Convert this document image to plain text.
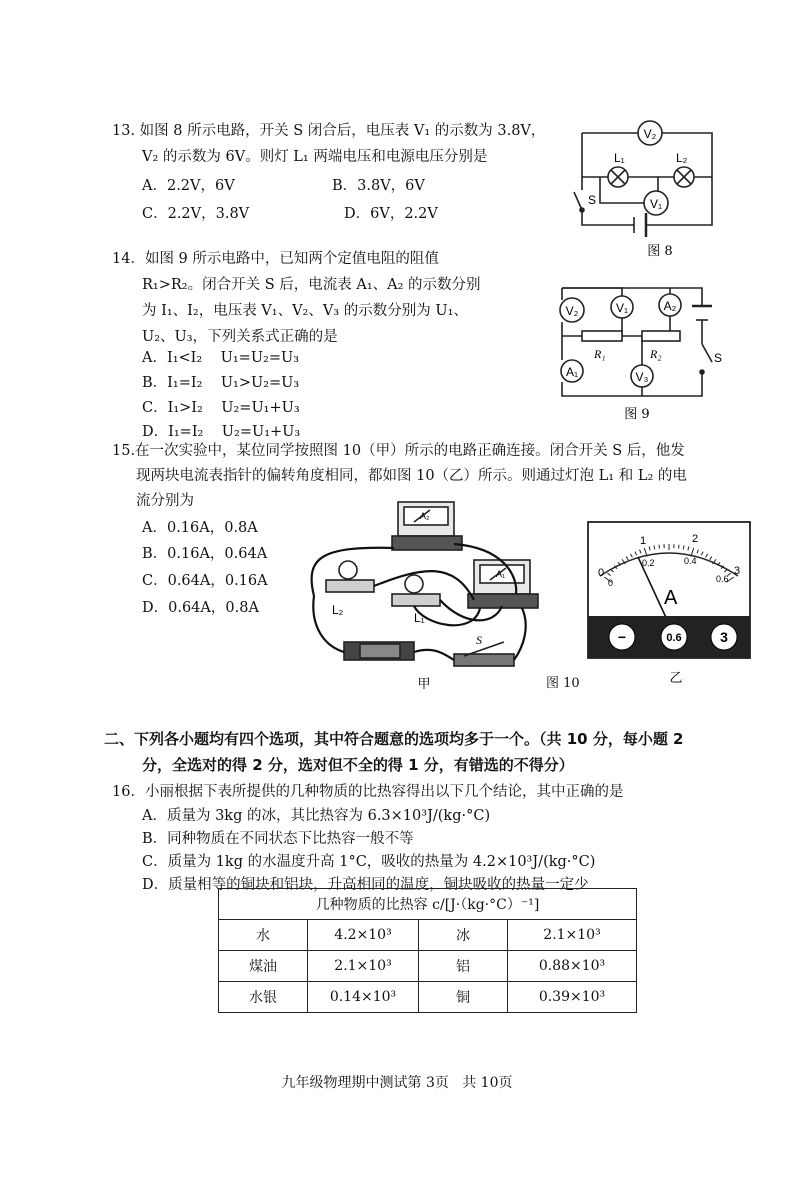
13. 如图 8 所示电路，开关 S 闭合后，电压表 V₁ 的示数为 3.8V，
V₂ 的示数为 6V。则灯 L₁ 两端电压和电源电压分别是
A．2.2V，6V	B．3.8V，6V
C．2.2V，3.8V	D．6V，2.2V
V₂
V₁
L₁	L₂
S
图 8
14．如图 9 所示电路中，已知两个定值电阻的阻值
R₁>R₂。闭合开关 S 后，电流表 A₁、A₂ 的示数分别
为 I₁、I₂，电压表 V₁、V₂、V₃ 的示数分别为 U₁、
U₂、U₃，下列关系式正确的是
A．I₁<I₂    U₁=U₂=U₃
B．I₁=I₂    U₁>U₂=U₃
C．I₁>I₂    U₂=U₁+U₃
D．I₁=I₂    U₂=U₁+U₃
V₂	V₁	A₂
A₁	V₃
R₁	R₂	S
图 9
15.在一次实验中，某位同学按照图 10（甲）所示的电路正确连接。闭合开关 S 后，他发
现两块电流表指针的偏转角度相同，都如图 10（乙）所示。则通过灯泡 L₁ 和 L₂ 的电
流分别为
A．0.16A，0.8A
B．0.16A，0.64A
C．0.64A，0.16A
D．0.64A，0.8A	L₂
L₁
S
A₂
A₁
甲	图 10
0
1	2
3
0
0.2	0.4
0.6
A
−	0.6	3
乙
二、下列各小题均有四个选项，其中符合题意的选项均多于一个。（共 10 分，每小题 2
分，全选对的得 2 分，选对但不全的得 1 分，有错选的不得分）
16．小丽根据下表所提供的几种物质的比热容得出以下几个结论，其中正确的是
A．质量为 3kg 的冰，其比热容为 6.3×10³J/(kg·°C)
B．同种物质在不同状态下比热容一般不等
C．质量为 1kg 的水温度升高 1°C，吸收的热量为 4.2×10³J/(kg·°C)
D．质量相等的铜块和铝块，升高相同的温度，铜块吸收的热量一定少
几种物质的比热容 c/[J·（kg·°C）⁻¹]			
水	4.2×10³	冰	2.1×10³
煤油	2.1×10³	铝	0.88×10³
水银	0.14×10³	铜	0.39×10³
九年级物理期中测试第 3页   共 10页
